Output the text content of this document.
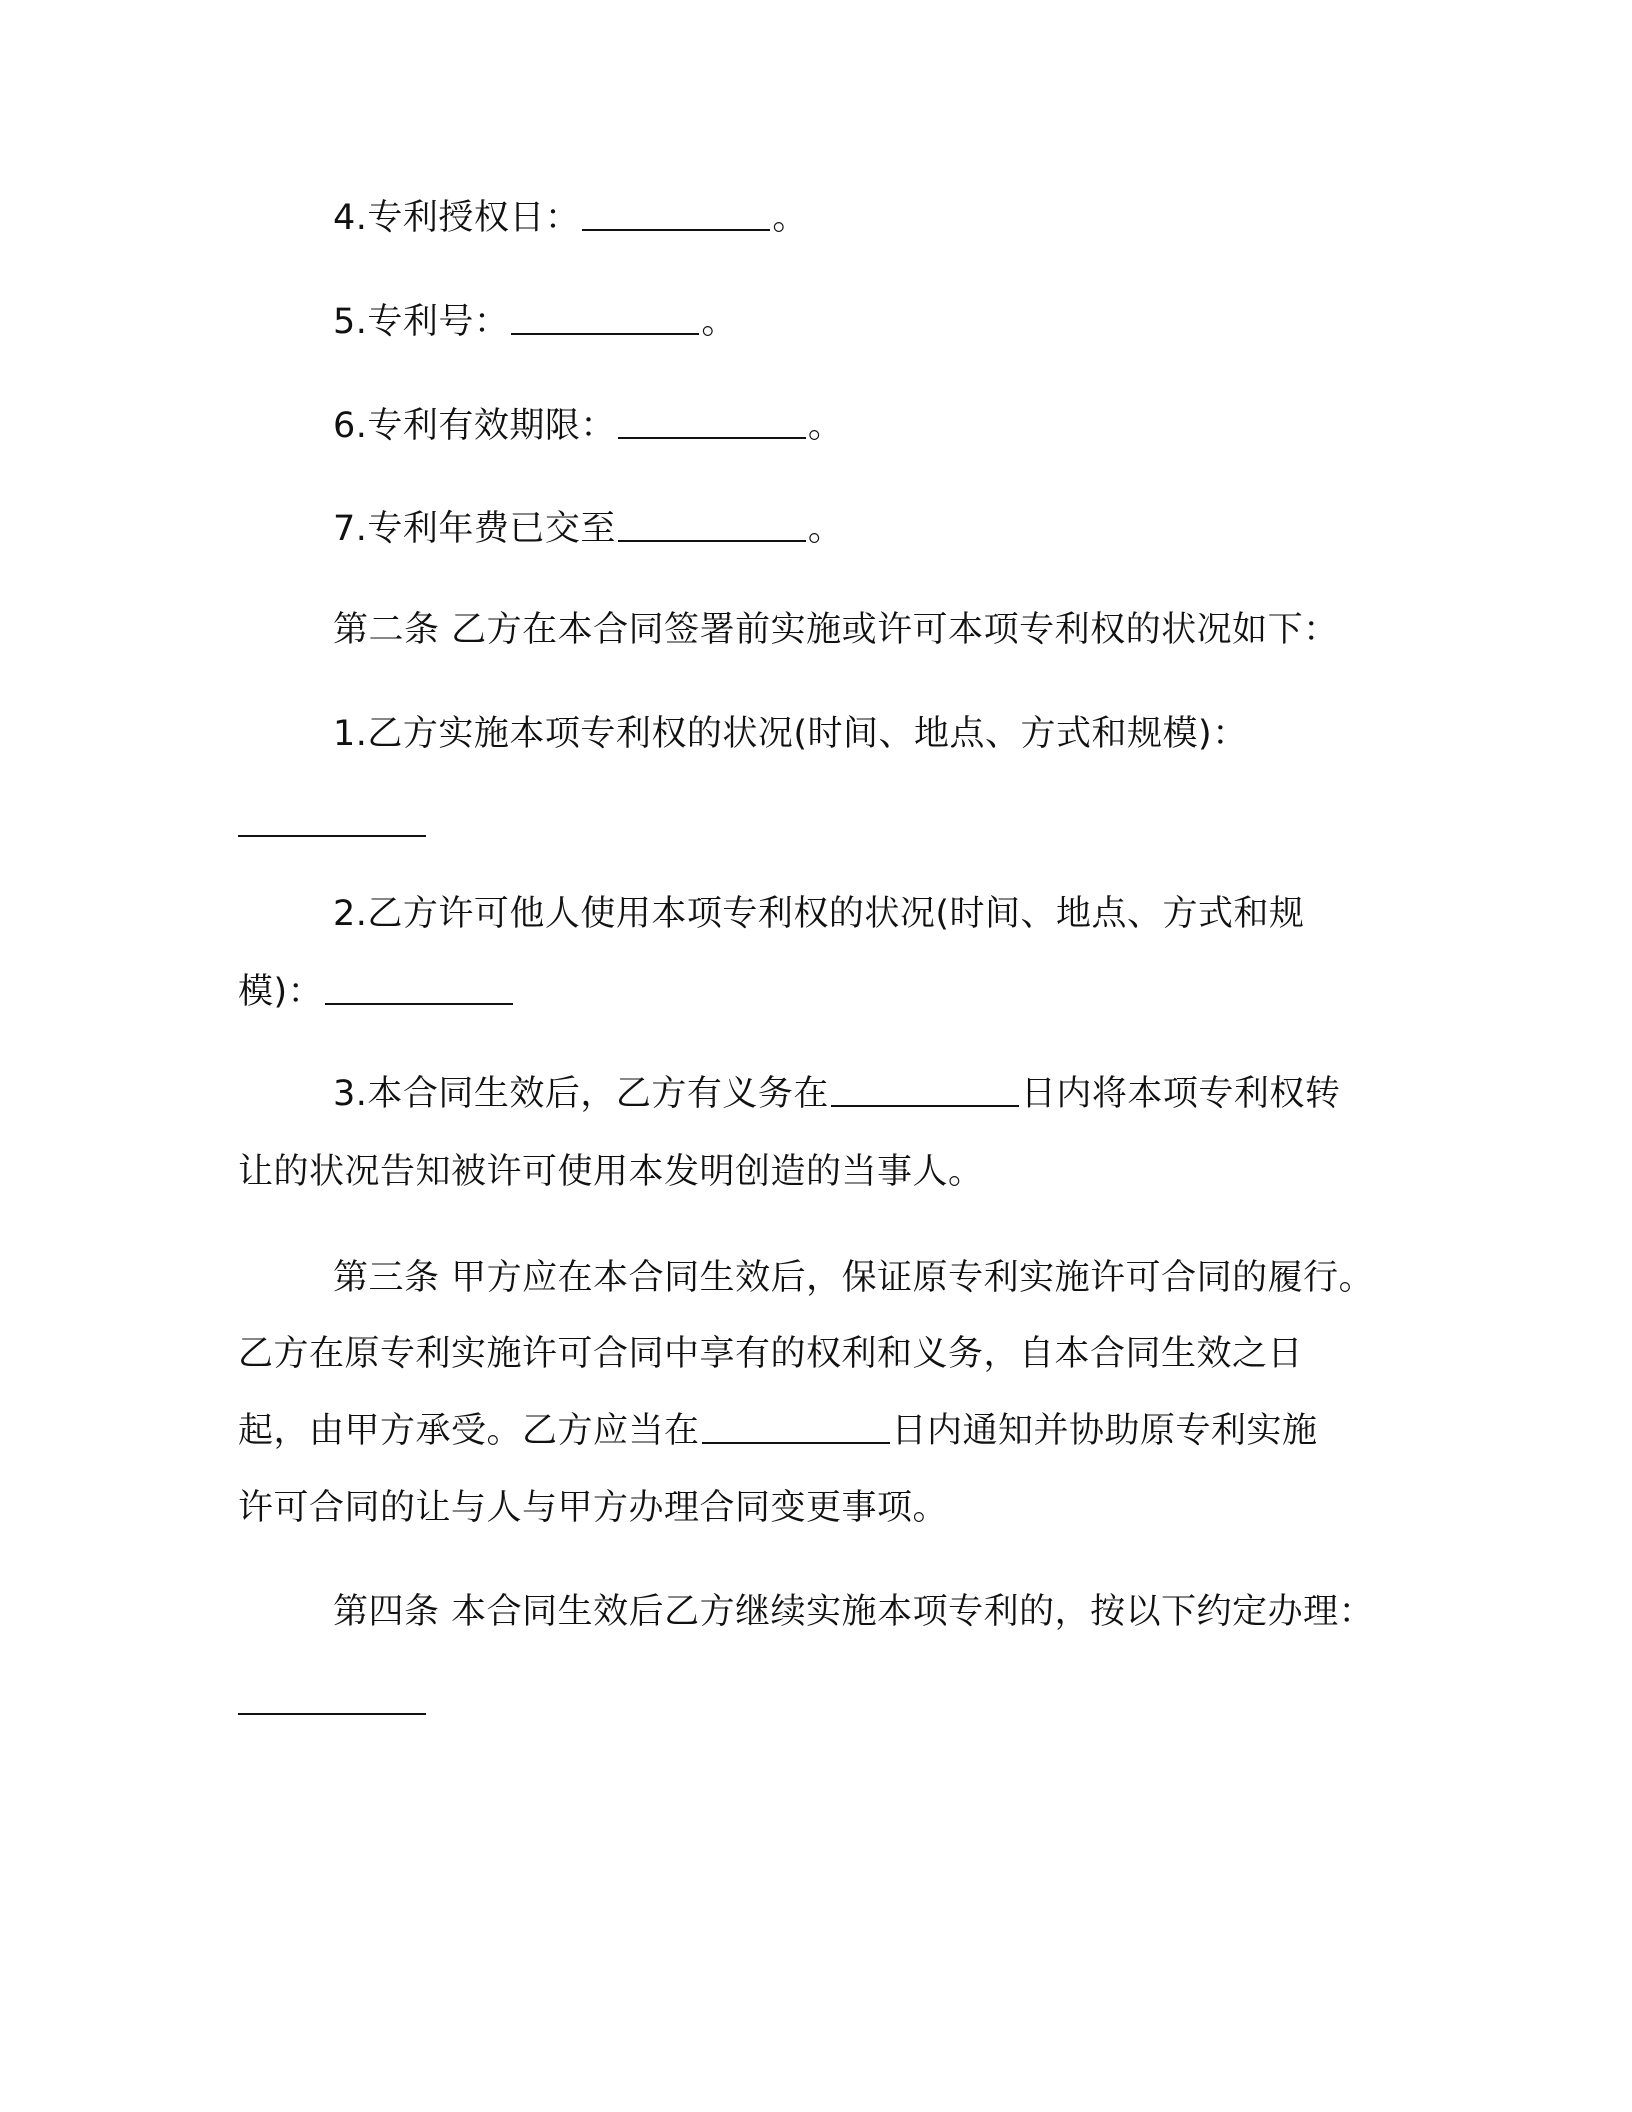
4.专利授权日：	。
5.专利号：	。
6.专利有效期限：	。
7.专利年费已交至	。
第二条 乙方在本合同签署前实施或许可本项专利权的状况如下：
1.乙方实施本项专利权的状况(时间、地点、方式和规模)：
2.乙方许可他人使用本项专利权的状况(时间、地点、方式和规
模)：
3.本合同生效后，乙方有义务在	日内将本项专利权转
让的状况告知被许可使用本发明创造的当事人。
第三条 甲方应在本合同生效后，保证原专利实施许可合同的履行。
乙方在原专利实施许可合同中享有的权利和义务，自本合同生效之日
起，由甲方承受。乙方应当在	日内通知并协助原专利实施
许可合同的让与人与甲方办理合同变更事项。
第四条 本合同生效后乙方继续实施本项专利的，按以下约定办理：
